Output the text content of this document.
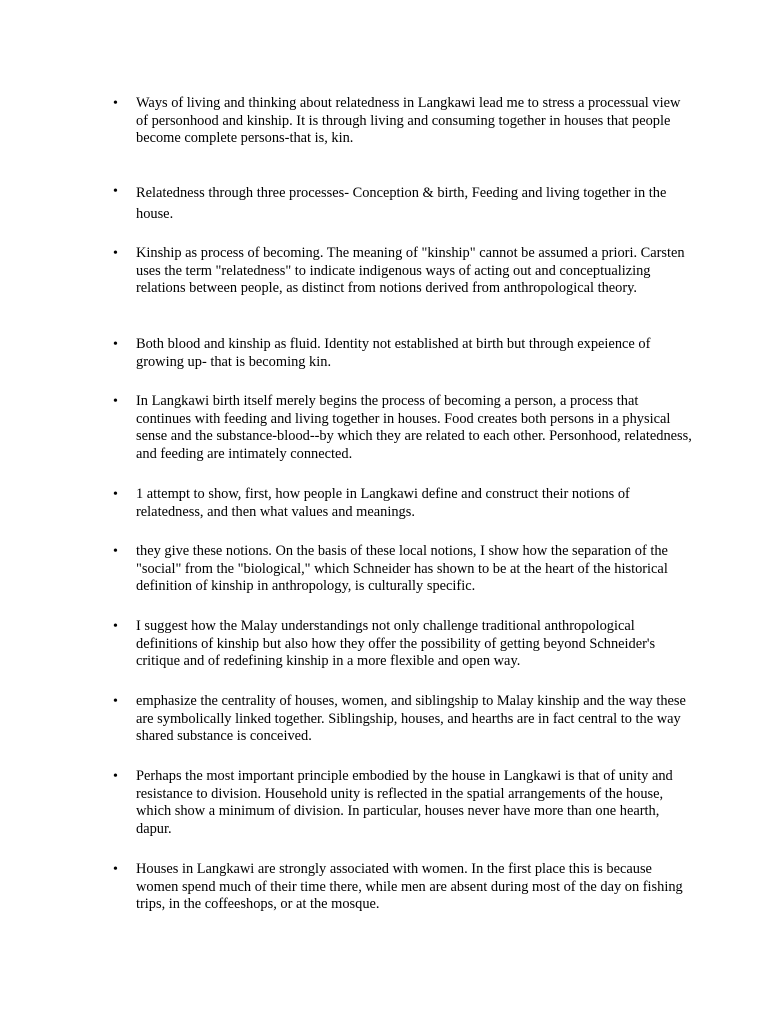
•	Ways of living and thinking about relatedness in Langkawi lead me to stress a processual view of personhood and kinship. It is through living and consuming together in houses that people become complete persons-that is, kin.
•	Relatedness through three processes- Conception & birth, Feeding and living together in the house.
•	Kinship as process of becoming. The meaning of "kinship" cannot be assumed a priori. Carsten uses the term "relatedness" to indicate indigenous ways of acting out and conceptualizing relations between people, as distinct from notions derived from anthropological theory.
•	Both blood and kinship as fluid. Identity not established at birth but through expeience of growing up- that is becoming kin.
•	In Langkawi birth itself merely begins the process of becoming a person, a process that continues with feeding and living together in houses. Food creates both persons in a physical sense and the substance-blood--by which they are related to each other. Personhood, relatedness, and feeding are intimately connected.
•	1 attempt to show, first, how people in Langkawi define and construct their notions of relatedness, and then what values and meanings.
•	they give these notions. On the basis of these local notions, I show how the separation of the "social" from the "biological," which Schneider has shown to be at the heart of the historical definition of kinship in anthropology, is culturally specific.
•	I suggest how the Malay understandings not only challenge traditional anthropological definitions of kinship but also how they offer the possibility of getting beyond Schneider's critique and of redefining kinship in a more flexible and open way.
•	emphasize the centrality of houses, women, and siblingship to Malay kinship and the way these are symbolically linked together. Siblingship, houses, and hearths are in fact central to the way shared substance is conceived.
•	Perhaps the most important principle embodied by the house in Langkawi is that of unity and resistance to division. Household unity is reflected in the spatial arrangements of the house, which show a minimum of division. In particular, houses never have more than one hearth, dapur.
•	Houses in Langkawi are strongly associated with women. In the first place this is because women spend much of their time there, while men are absent during most of the day on fishing trips, in the coffeeshops, or at the mosque.
